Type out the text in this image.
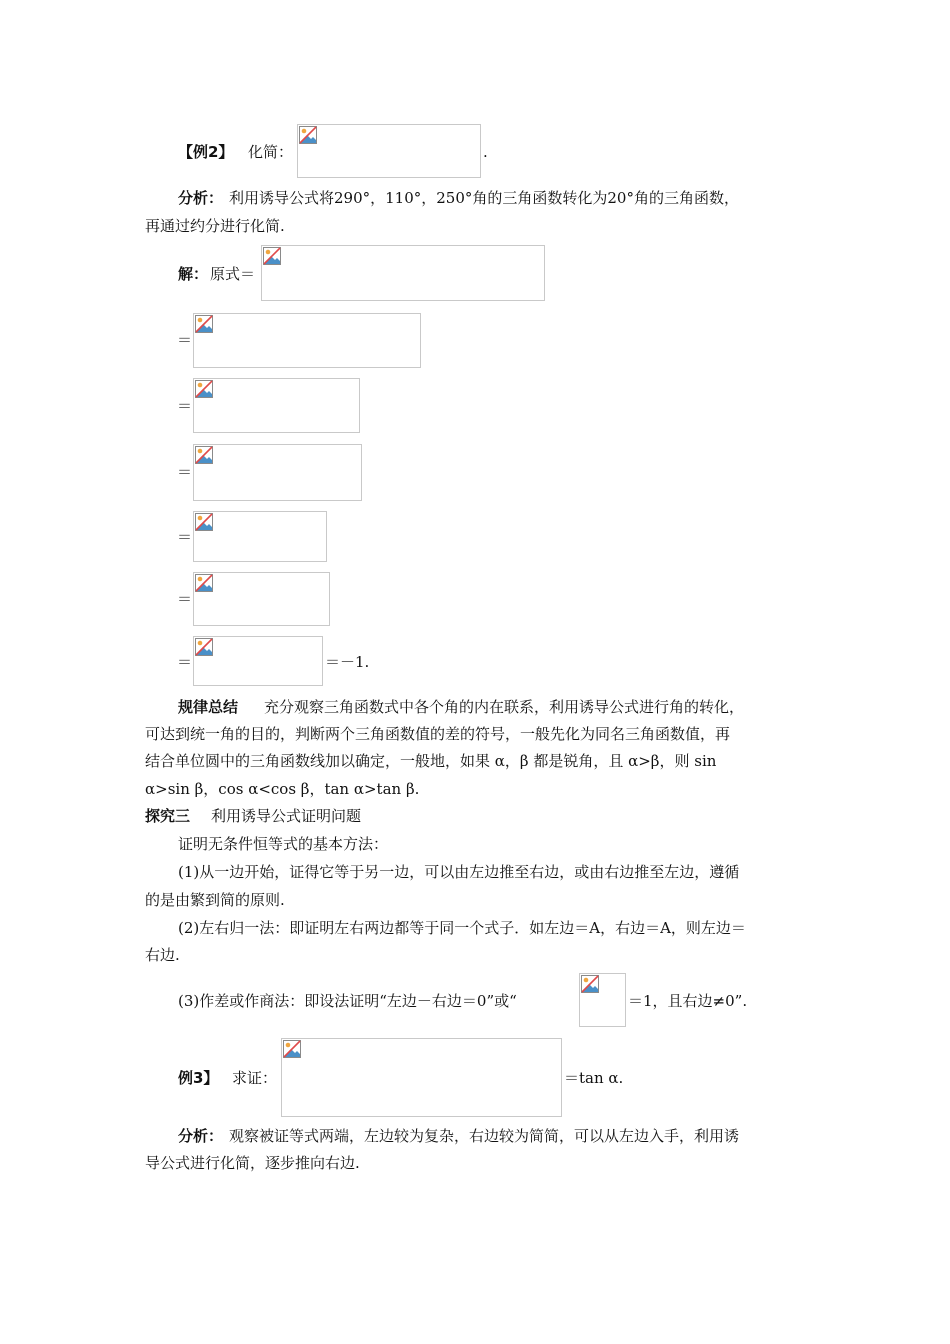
【例2】 化简：	.
分析： 利用诱导公式将290°，110°，250°角的三角函数转化为20°角的三角函数，
再通过约分进行化简.
解： 原式＝
＝
＝
＝
＝
＝
＝	＝－1.
规律总结 充分观察三角函数式中各个角的内在联系，利用诱导公式进行角的转化，
可达到统一角的目的，判断两个三角函数值的差的符号，一般先化为同名三角函数值，再
结合单位圆中的三角函数线加以确定，一般地，如果 α，β 都是锐角，且 α>β，则 sin
α>sin β，cos α<cos β，tan α>tan β.
探究三 利用诱导公式证明问题
证明无条件恒等式的基本方法：
(1)从一边开始，证得它等于另一边，可以由左边推至右边，或由右边推至左边，遵循
的是由繁到简的原则.
(2)左右归一法：即证明左右两边都等于同一个式子．如左边＝A，右边＝A，则左边＝
右边.
(3)作差或作商法：即设法证明“左边－右边＝0”或“	＝1，且右边≠0”.
例3】 求证：	＝tan α.
分析： 观察被证等式两端，左边较为复杂，右边较为简简，可以从左边入手，利用诱
导公式进行化简，逐步推向右边.
